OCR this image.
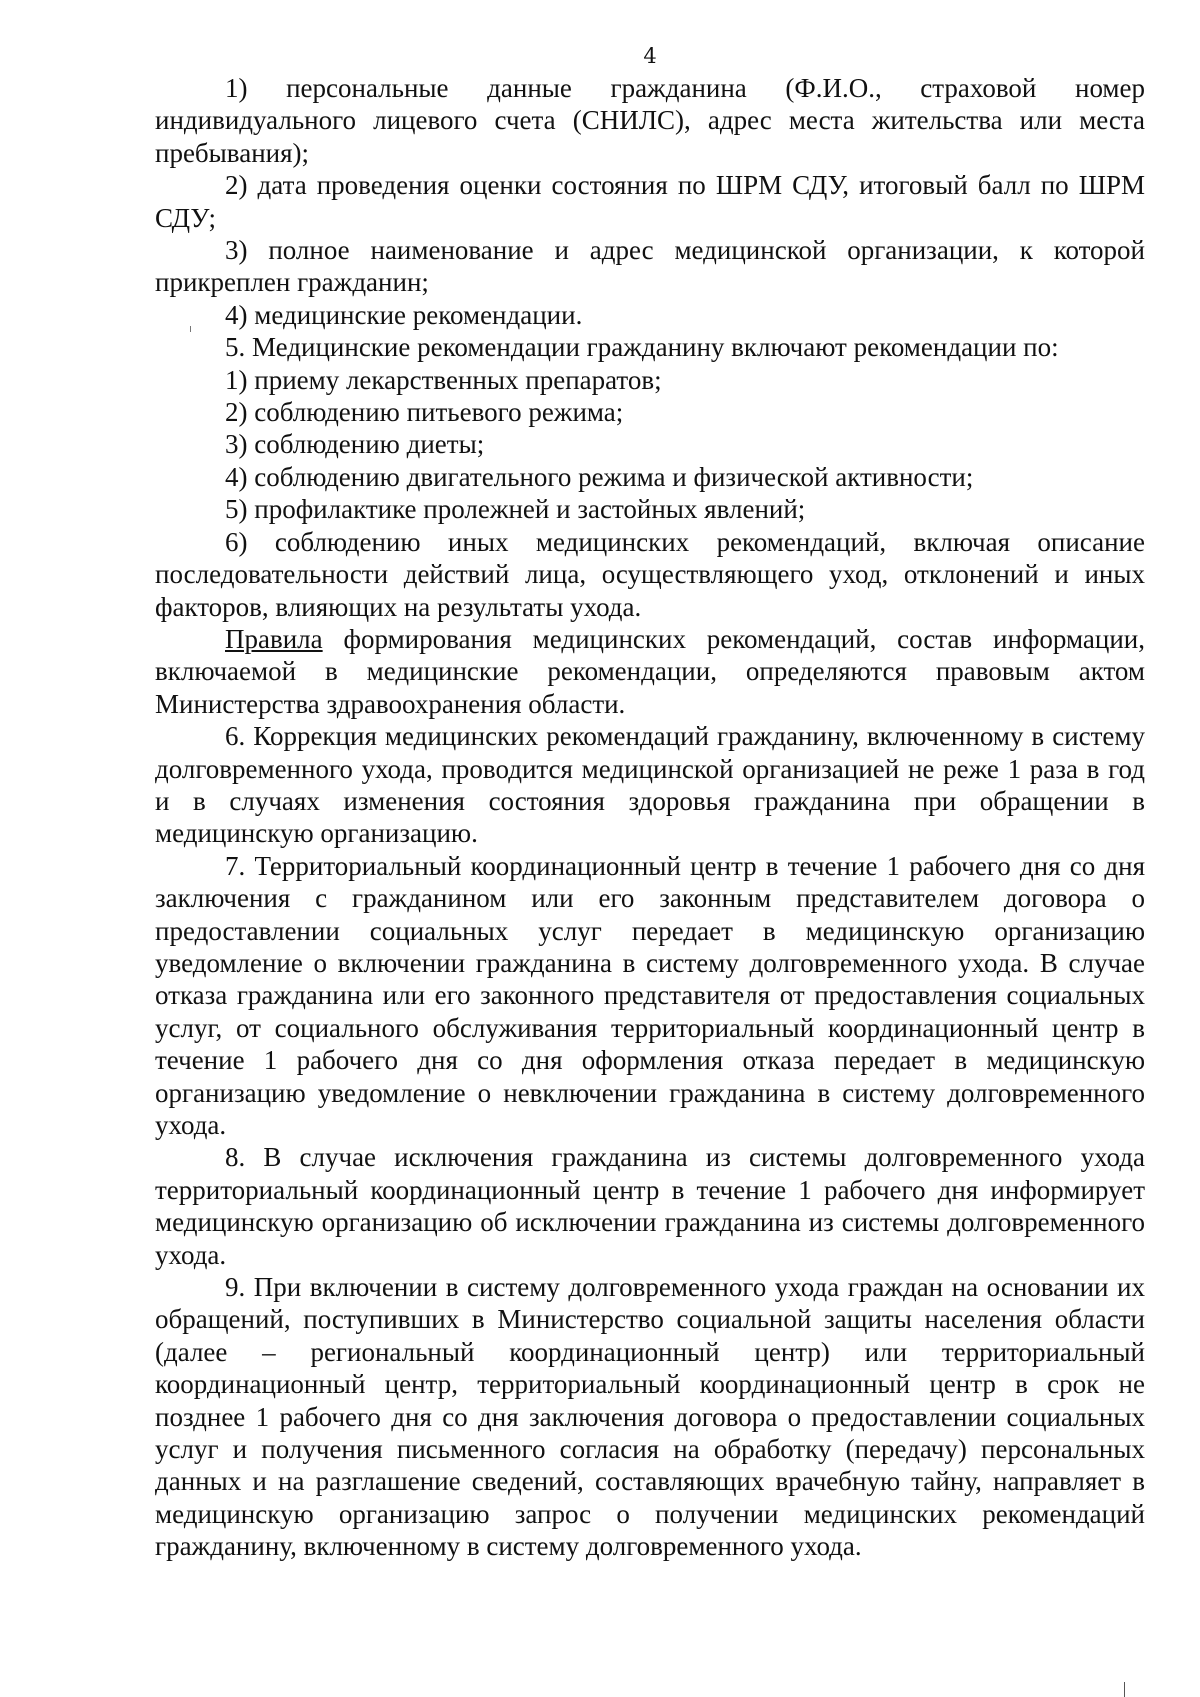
4

1) персональные данные гражданина (Ф.И.О., страховой номер индивидуального лицевого счета (СНИЛС), адрес места жительства или места пребывания);

2) дата проведения оценки состояния по ШРМ СДУ, итоговый балл по ШРМ СДУ;

3) полное наименование и адрес медицинской организации, к которой прикреплен гражданин;

4) медицинские рекомендации.

5. Медицинские рекомендации гражданину включают рекомендации по:

1) приему лекарственных препаратов;

2) соблюдению питьевого режима;

3) соблюдению диеты;

4) соблюдению двигательного режима и физической активности;

5) профилактике пролежней и застойных явлений;

6) соблюдению иных медицинских рекомендаций, включая описание последовательности действий лица, осуществляющего уход, отклонений и иных факторов, влияющих на результаты ухода.

Правила формирования медицинских рекомендаций, состав информации, включаемой в медицинские рекомендации, определяются правовым актом Министерства здравоохранения области.

6. Коррекция медицинских рекомендаций гражданину, включенному в систему долговременного ухода, проводится медицинской организацией не реже 1 раза в год и в случаях изменения состояния здоровья гражданина при обращении в медицинскую организацию.

7. Территориальный координационный центр в течение 1 рабочего дня со дня заключения с гражданином или его законным представителем договора о предоставлении социальных услуг передает в медицинскую организацию уведомление о включении гражданина в систему долговременного ухода. В случае отказа гражданина или его законного представителя от предоставления социальных услуг, от социального обслуживания территориальный координационный центр в течение 1 рабочего дня со дня оформления отказа передает в медицинскую организацию уведомление о невключении гражданина в систему долговременного ухода.

8. В случае исключения гражданина из системы долговременного ухода территориальный координационный центр в течение 1 рабочего дня информирует медицинскую организацию об исключении гражданина из системы долговременного ухода.

9. При включении в систему долговременного ухода граждан на основании их обращений, поступивших в Министерство социальной защиты населения области (далее – региональный координационный центр) или территориальный координационный центр, территориальный координационный центр в срок не позднее 1 рабочего дня со дня заключения договора о предоставлении социальных услуг и получения письменного согласия на обработку (передачу) персональных данных и на разглашение сведений, составляющих врачебную тайну, направляет в медицинскую организацию запрос о получении медицинских рекомендаций гражданину, включенному в систему долговременного ухода.
